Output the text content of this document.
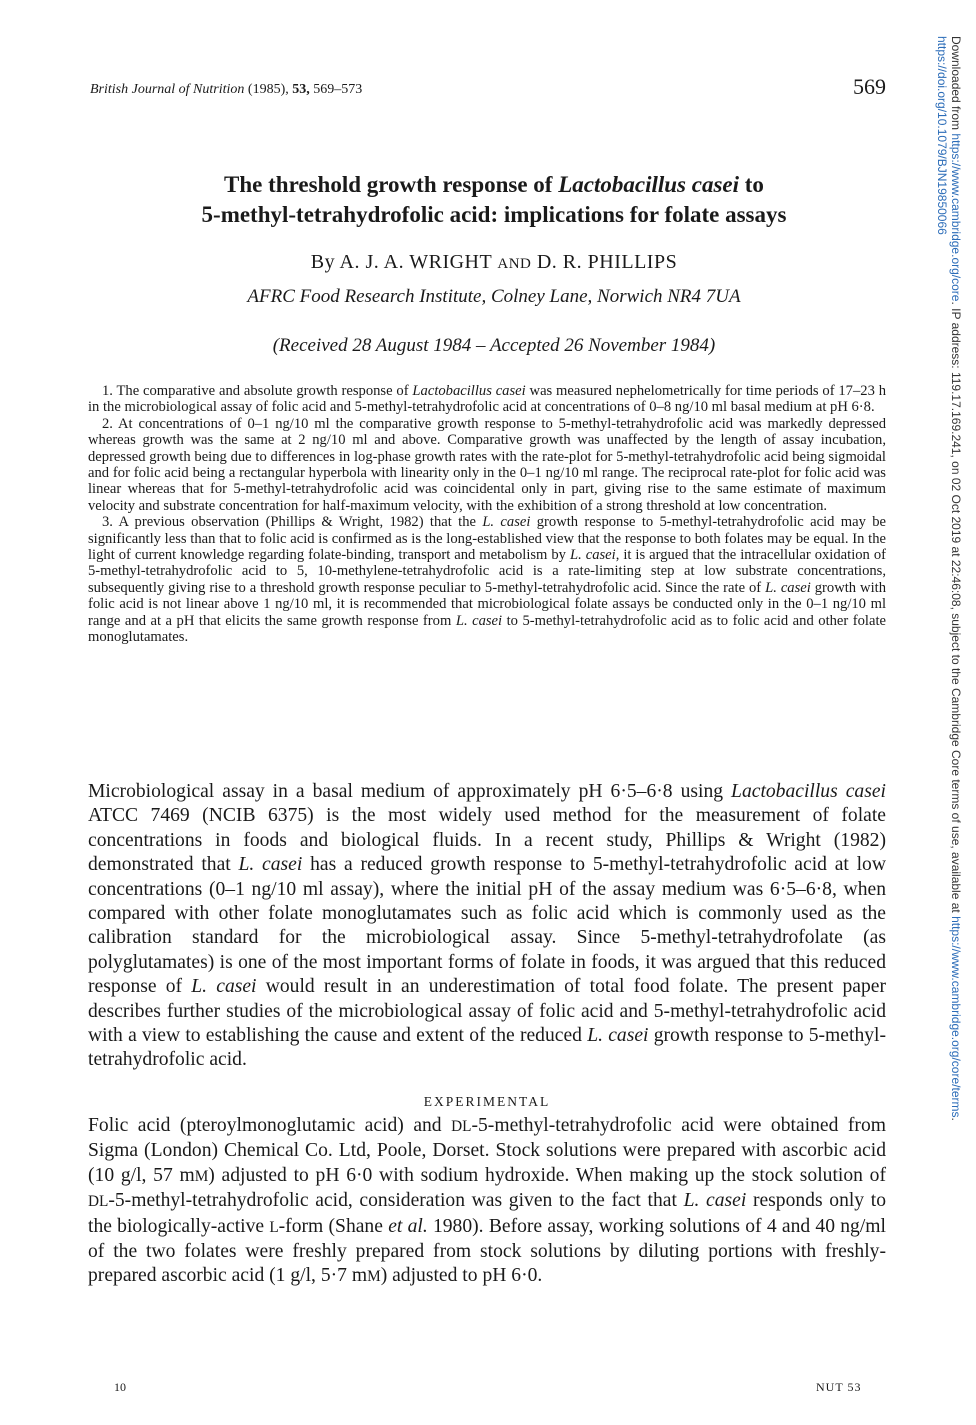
British Journal of Nutrition (1985), 53, 569–573	569	Downloaded from https://www.cambridge.org/core. IP address: 119.17.169.241, on 02 Oct 2019 at 22:46:08, subject to the Cambridge Core terms of use, available at https://www.cambridge.org/core/terms.
https://doi.org/10.1079/BJN19850066
The threshold growth response of Lactobacillus casei to
5-methyl-tetrahydrofolic acid: implications for folate assays
By A. J. A. WRIGHT AND D. R. PHILLIPS
AFRC Food Research Institute, Colney Lane, Norwich NR4 7UA
(Received 28 August 1984 – Accepted 26 November 1984)

1. The comparative and absolute growth response of Lactobacillus casei was measured nephelometrically for time periods of 17–23 h in the microbiological assay of folic acid and 5-methyl-tetrahydrofolic acid at concentrations of 0–8 ng/10 ml basal medium at pH 6·8.

2. At concentrations of 0–1 ng/10 ml the comparative growth response to 5-methyl-tetrahydrofolic acid was markedly depressed whereas growth was the same at 2 ng/10 ml and above. Comparative growth was unaffected by the length of assay incubation, depressed growth being due to differences in log-phase growth rates with the rate-plot for 5-methyl-tetrahydrofolic acid being sigmoidal and for folic acid being a rectangular hyperbola with linearity only in the 0–1 ng/10 ml range. The reciprocal rate-plot for folic acid was linear whereas that for 5-methyl-tetrahydrofolic acid was coincidental only in part, giving rise to the same estimate of maximum velocity and substrate concentration for half-maximum velocity, with the exhibition of a strong threshold at low concentration.

3. A previous observation (Phillips & Wright, 1982) that the L. casei growth response to 5-methyl-tetrahydrofolic acid may be significantly less than that to folic acid is confirmed as is the long-established view that the response to both folates may be equal. In the light of current knowledge regarding folate-binding, transport and metabolism by L. casei, it is argued that the intracellular oxidation of 5-methyl-tetrahydrofolic acid to 5, 10-methylene-tetrahydrofolic acid is a rate-limiting step at low substrate concentrations, subsequently giving rise to a threshold growth response peculiar to 5-methyl-tetrahydrofolic acid. Since the rate of L. casei growth with folic acid is not linear above 1 ng/10 ml, it is recommended that microbiological folate assays be conducted only in the 0–1 ng/10 ml range and at a pH that elicits the same growth response from L. casei to 5-methyl-tetrahydrofolic acid as to folic acid and other folate monoglutamates.

Microbiological assay in a basal medium of approximately pH 6·5–6·8 using Lactobacillus casei ATCC 7469 (NCIB 6375) is the most widely used method for the measurement of folate concentrations in foods and biological fluids. In a recent study, Phillips & Wright (1982) demonstrated that L. casei has a reduced growth response to 5-methyl-tetrahydrofolic acid at low concentrations (0–1 ng/10 ml assay), where the initial pH of the assay medium was 6·5–6·8, when compared with other folate monoglutamates such as folic acid which is commonly used as the calibration standard for the microbiological assay. Since 5-methyl-tetrahydrofolate (as polyglutamates) is one of the most important forms of folate in foods, it was argued that this reduced response of L. casei would result in an underestimation of total food folate. The present paper describes further studies of the microbiological assay of folic acid and 5-methyl-tetrahydrofolic acid with a view to establishing the cause and extent of the reduced L. casei growth response to 5-methyl-tetrahydrofolic acid.

EXPERIMENTAL

Folic acid (pteroylmonoglutamic acid) and DL-5-methyl-tetrahydrofolic acid were obtained from Sigma (London) Chemical Co. Ltd, Poole, Dorset. Stock solutions were prepared with ascorbic acid (10 g/l, 57 mM) adjusted to pH 6·0 with sodium hydroxide. When making up the stock solution of DL-5-methyl-tetrahydrofolic acid, consideration was given to the fact that L. casei responds only to the biologically-active L-form (Shane et al. 1980). Before assay, working solutions of 4 and 40 ng/ml of the two folates were freshly prepared from stock solutions by diluting portions with freshly-prepared ascorbic acid (1 g/l, 5·7 mM) adjusted to pH 6·0.

10	NUT 53
